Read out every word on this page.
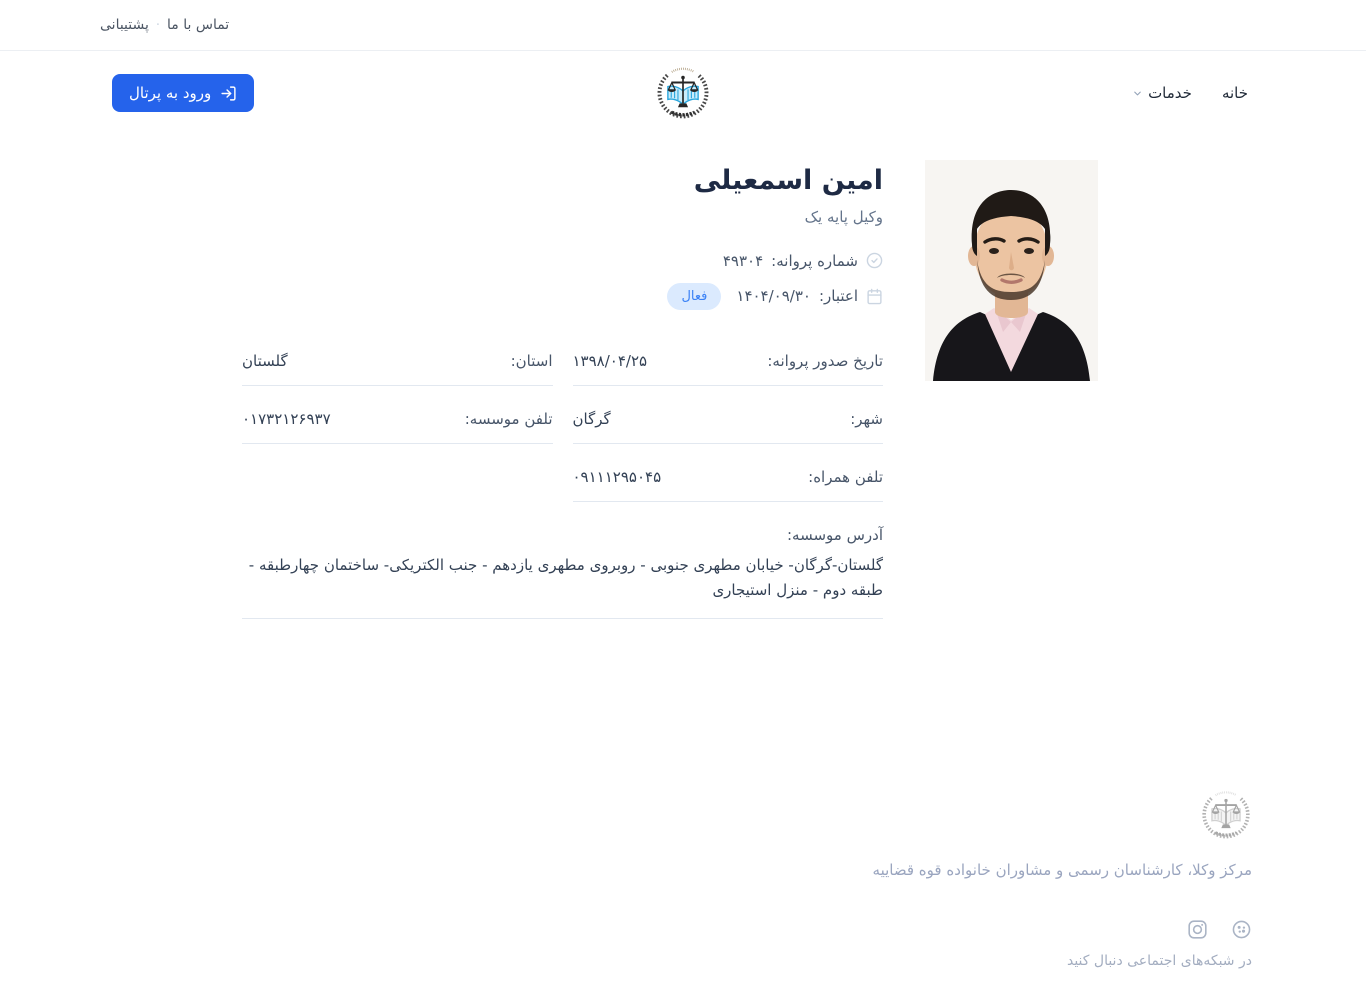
تماس با ما
·
پشتیبانی
خانه
خدمات
ورود به پرتال
امین اسمعیلی
وکیل پایه یک
شماره پروانه:
۴۹۳۰۴
اعتبار:
۱۴۰۴/۰۹/۳۰
فعال
تاریخ صدور پروانه:
۱۳۹۸/۰۴/۲۵
استان:
گلستان
شهر:
گرگان
تلفن موسسه:
۰۱۷۳۲۱۲۶۹۳۷
تلفن همراه:
۰۹۱۱۱۲۹۵۰۴۵
آدرس موسسه:
گلستان-گرگان- خیابان مطهری جنوبی - روبروی مطهری یازدهم - جنب الکتریکی- ساختمان چهارطبقه - طبقه دوم - منزل استیجاری
مرکز وکلا، کارشناسان رسمی و مشاوران خانواده قوه قضاییه
در شبکه‌های اجتماعی دنبال کنید
